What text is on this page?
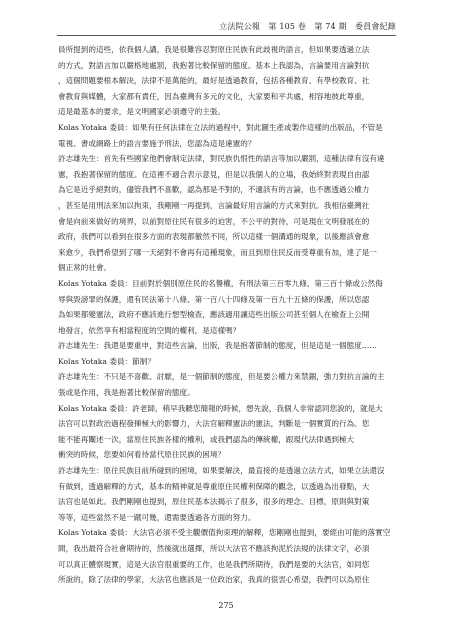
立法院公報　第 105 卷　第 74 期　委員會紀錄
員所提到的這些，依我個人講，我是很難容忍對原住民族有此歧視的語言，但如果要透過立法
的方式，對語言加以嚴格地處罰，我抱著比較保留的態度。基本上我認為，言論要用言論對抗
，這個問題要根本解決，法律不是萬能的，最好是透過教育，包括各種教育、有學校教育、社
會教育與媒體，大家都有責任，因為臺灣有多元的文化，大家要和平共處，相容地彼此尊重，
這是最基本的要求，是文明國家必須遵守的主張。
Kolas Yotaka 委員：如果有任何法律在立法的過程中，對此圖生產或製作這樣的出版品，不管是
電視、書或網路上的語言要施予刑法，您認為這是違憲的？
許志雄先生：首先有些國家他們會制定法律，對民族仇恨性的語言等加以嚴罰，這種法律有沒有違
憲，我抱著保留的態度。在這裡不適合表示意見，但是以我個人的立場，我始終對表現自由認
為它是近乎絕對的，儘管我們不喜歡，認為那是不對的，不適該有的言論，也不應透過公權力
，甚至是用刑法來加以拘束，我剛剛一再提到，言論最好用言論的方式來對抗。我相信臺灣社
會是向前來做好的境界，以前對原住民有很多的迫害，不公平的對待，可是現在文明發展在的
政府，我們可以看到在很多方面的表現都徹然不同，所以這樣一個溝通的現象，以後應該會愈
來愈少，我們希望到了哪一天絕對不會再有這種現象，而且到原住民反而受尊重有加，達了是一
個正常的社會。
Kolas Yotaka 委員：目前對於個別原住民的名譽權，有刑法第三百零九條、第三百十條或公然侮
辱與毀謗罪的保護，還有民法第十八條、第一百八十四條及第一百九十五條的保護，所以您認
為如果都變憲法，政府不應該進行想型檢查，應該適用讓這些出版公司甚至個人在檢查上公開
地發言，依然享有相當程度的空間的權利，是這樣嗎？
許志雄先生：我還是要重申，對這些言論，出版，我是抱著節制的態度，但是這是一個態度……
Kolas Yotaka 委員：節制？
許志雄先生：不只是不喜歡、討厭，是一個節制的態度，但是要公權力來禁錮，強力對抗言論的主
張或是作用，我是抱著比較保留的態度。
Kolas Yotaka 委員：許老師，稍早我聽您簡報的時候，想先說，我個人非常認同您說的，就是大
法官可以對政治過程發揮極大的影響力，大法官解釋憲法的憲法，判斷是一個實質的行為。您
能不能再闡述一次，當原住民族各樣的權利，或我們認為的傳統權，跟現代法律遇到極大
衝突的時候，您要如何看待當代原住民族的困境？
許志雄先生：原住民族目前所碰到的困境，如果要解決，最直接的是透過立法方式，如果立法還沒
有做到，透過解釋的方式，基本的精神就是尊重原住民權利保障的觀念，以透過為出發點，大
法官也是如此。我們剛剛也提到，原住民基本法揭示了很多，很多的理念、目標，原則與對策
等等，這些當然不是一蹴可幾，還需要透過各方面的努力。
Kolas Yotaka 委員：大法官必須不受主觀價值拘束理的解釋，您剛剛也提到，要經由可能的落實空
間，我出最符合社會期待的，然後就出選擇，所以大法官不應該拘泥於法規的法律文字，必須
可以真正體察現實，這是大法官很重要的工作，也是我們所期待，我們是要的大法官，如同您
所說的，除了法律的學家，大法官也應該是一位政治家，我真的很衷心希望，我們可以為原住
275
